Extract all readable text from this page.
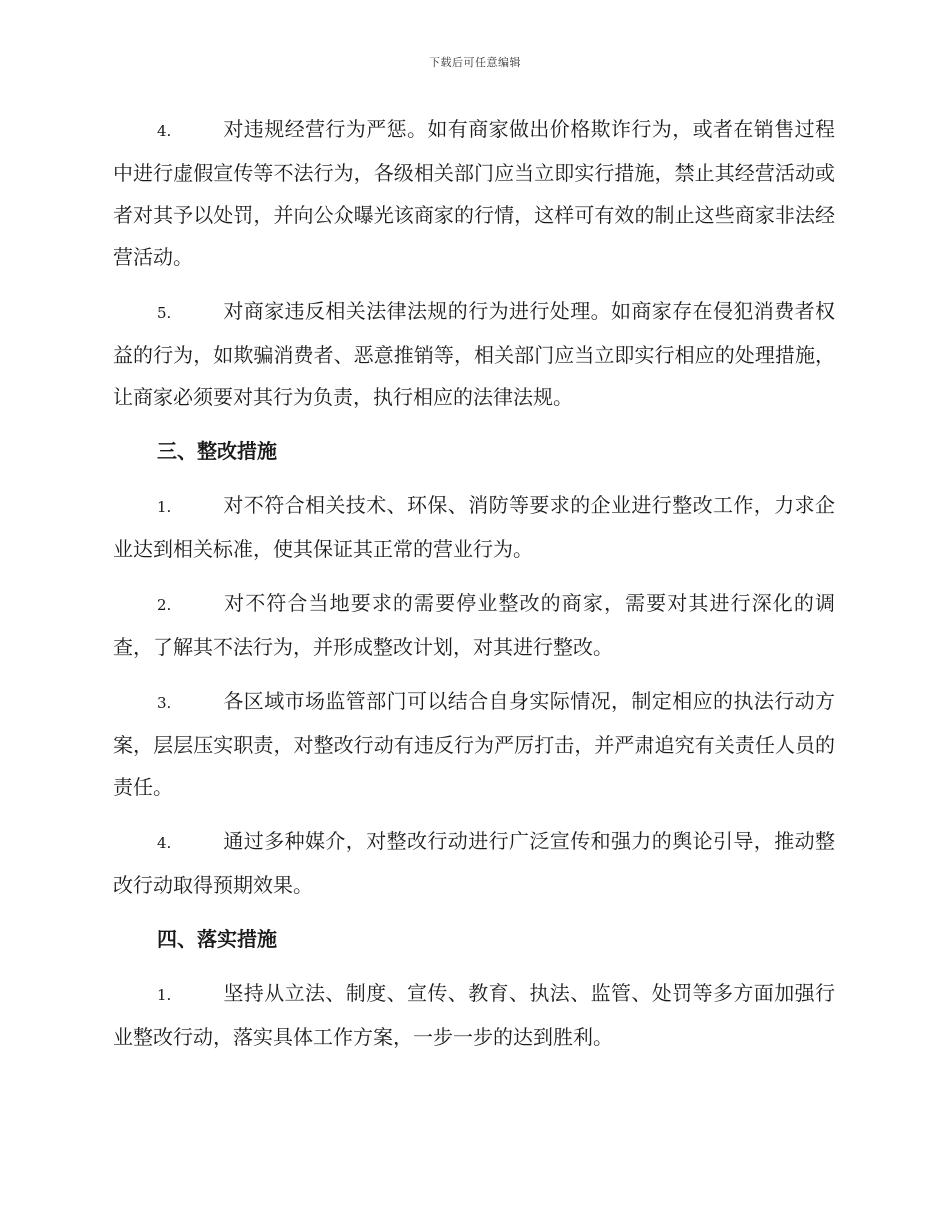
下载后可任意编辑

4.	对违规经营行为严惩。如有商家做出价格欺诈行为，或者在销售过程中进行虚假宣传等不法行为，各级相关部门应当立即实行措施，禁止其经营活动或者对其予以处罚，并向公众曝光该商家的行情，这样可有效的制止这些商家非法经营活动。

5.	对商家违反相关法律法规的行为进行处理。如商家存在侵犯消费者权益的行为，如欺骗消费者、恶意推销等，相关部门应当立即实行相应的处理措施，让商家必须要对其行为负责，执行相应的法律法规。

三、整改措施

1.	对不符合相关技术、环保、消防等要求的企业进行整改工作，力求企业达到相关标准，使其保证其正常的营业行为。

2.	对不符合当地要求的需要停业整改的商家，需要对其进行深化的调查，了解其不法行为，并形成整改计划，对其进行整改。

3.	各区域市场监管部门可以结合自身实际情况，制定相应的执法行动方案，层层压实职责，对整改行动有违反行为严厉打击，并严肃追究有关责任人员的责任。

4.	通过多种媒介，对整改行动进行广泛宣传和强力的舆论引导，推动整改行动取得预期效果。

四、落实措施

1.	坚持从立法、制度、宣传、教育、执法、监管、处罚等多方面加强行业整改行动，落实具体工作方案，一步一步的达到胜利。
